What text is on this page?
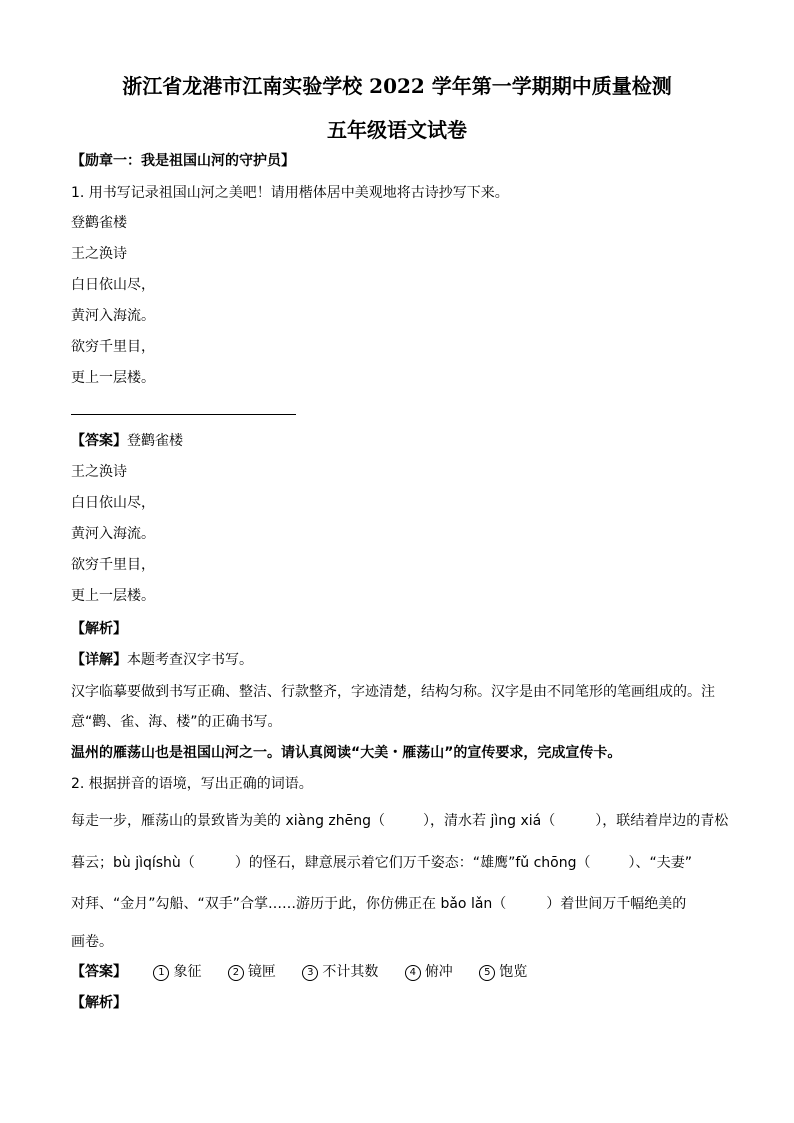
浙江省龙港市江南实验学校 2022 学年第一学期期中质量检测
五年级语文试卷
【励章一：我是祖国山河的守护员】
1. 用书写记录祖国山河之美吧！请用楷体居中美观地将古诗抄写下来。
登鹳雀楼
王之涣诗
白日依山尽，
黄河入海流。
欲穷千里目，
更上一层楼。
【答案】登鹳雀楼
王之涣诗
白日依山尽，
黄河入海流。
欲穷千里目，
更上一层楼。
【解析】
【详解】本题考查汉字书写。
汉字临摹要做到书写正确、整洁、行款整齐，字迹清楚，结构匀称。汉字是由不同笔形的笔画组成的。注
意“鹳、雀、海、楼”的正确书写。
温州的雁荡山也是祖国山河之一。请认真阅读“大美・雁荡山”的宣传要求，完成宣传卡。
2. 根据拼音的语境，写出正确的词语。
每走一步，雁荡山的景致皆为美的 xiàng zhēng（	），清水若 jìng xiá（	），联结着岸边的青松
暮云；bù jìqíshù（	）的怪石，肆意展示着它们万千姿态：“雄鹰”fǔ chōng（	）、“夫妻”
对拜、“金月”勾船、“双手”合掌……游历于此，你仿佛正在 bǎo lǎn（	）着世间万千幅绝美的
画卷。
【答案】	1 象征	2 镜匣	3 不计其数	4 俯冲	5 饱览
【解析】
